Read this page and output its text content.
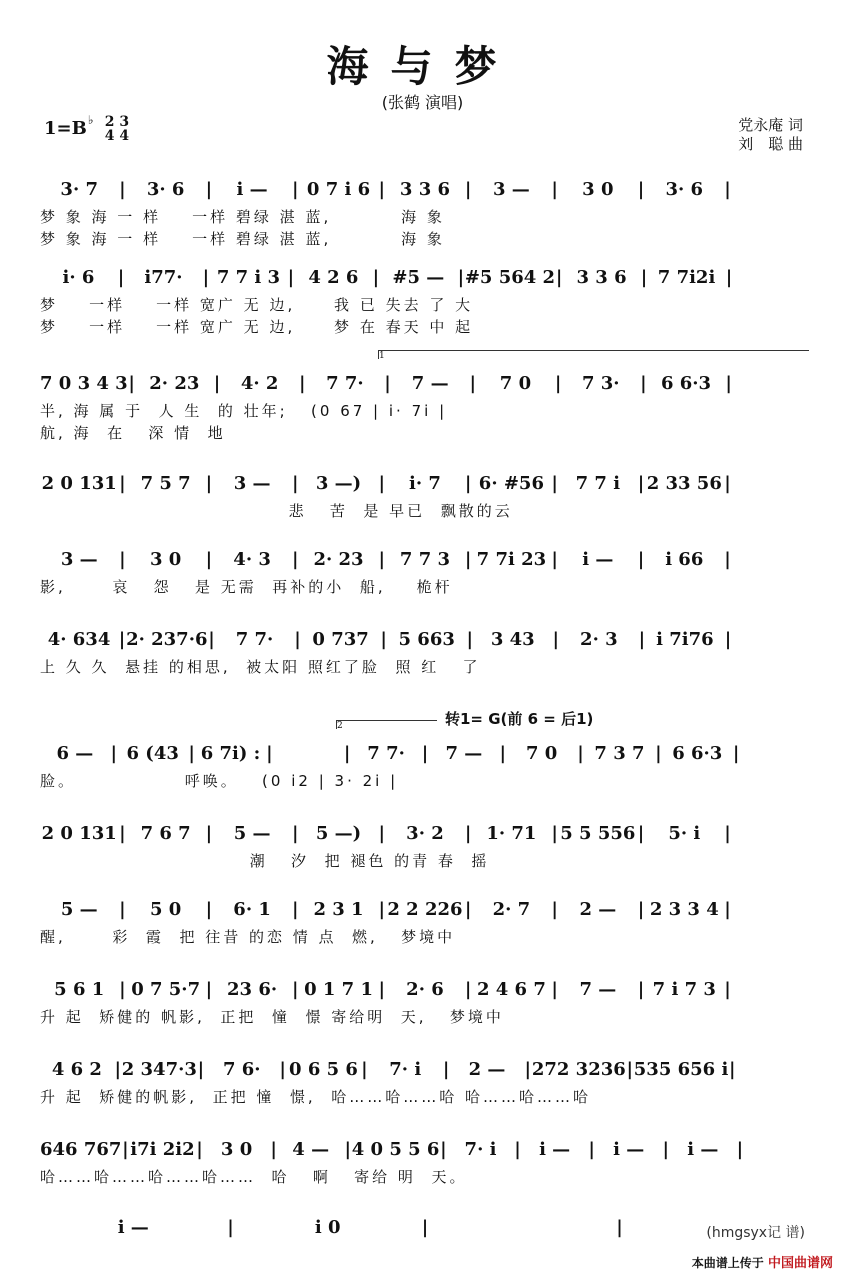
海与梦
(张鹤 演唱)
1=B♭ 2 3
4 4
党永庵 词
刘　聪 曲
3· 7	|	3· 6	|	i —	| 0 7 i 6 | 3 3 6 |	3 —	|	3 0	|	3· 6	|
梦 象 海 一 样    一样 碧绿 湛 蓝,         海 象
梦 象 海 一 样    一样 碧绿 湛 蓝,         海 象
i· 6	|	i77·	| 7 7 i 3 | 4 2 6 | #5 — | #5 564 2 | 3 3 6 | 7 7i2i |
梦    一样    一样 宽广 无 边,     我 已 失去 了 大
梦    一样    一样 宽广 无 边,     梦 在 春天 中 起
7 0 3 4 3 | 2· 23 |	4· 2	|	7 7·	|	7 —	|	7 0	|	7 3·	| 6 6·3 |
半, 海 属 于  人 生  的 壮年;   (0 67 | i· 7i |
航, 海  在   深 情  地
2 0 131 | 7 5 7 |	3 —	| 3 —) |	i· 7	| 6· #56 | 7 7 i | 2 33 56 |
悲   苦  是 早已  飘散的云
3 —	|	3 0	|	4· 3	| 2· 23 | 7 7 3 | 7 7i 23 |	i —	|	i 66	|
影,      哀   怨   是 无需  再补的小  船,    桅杆
4· 634 | 2· 237·6 |	7 7·	| 0 737 | 5 663 | 3 43 |	2· 3	| i 7i76 |
上 久 久  悬挂 的相思,  被太阳 照红了脸  照 红   了
6 — | 6 (43 | 6 7i) : |	| 7 7· | 7 — |	7 0	| 7 3 7 | 6 6·3 |
脸。              呼唤。   (0 i2 | 3· 2i |
2 0 131 | 7 6 7 |	5 —	| 5 —) |	3· 2	| 1· 71 | 5 5 556 |	5· i	|
潮   汐  把 褪色 的青 春  摇
5 —	|	5 0	|	6· 1	| 2 3 1 | 2 2 226 |	2· 7	|	2 —	| 2 3 3 4 |
醒,      彩  霞  把 往昔 的恋 情 点  燃,   梦境中
5 6 1 | 0 7 5·7 | 23 6· | 0 1 7 1 |	2· 6	| 2 4 6 7 |	7 —	| 7 i 7 3 |
升 起  矫健的 帆影,  正把  憧  憬 寄给明  天,   梦境中
4 6 2 | 2 347·3 |	7 6·	| 0 6 5 6 |	7· i	|	2 —	| 272 3236 | 535 656 i |
升 起  矫健的帆影,  正把 憧  憬,  哈……哈……哈 哈……哈……哈
646 767 | i7i 2i2 |	3 0	| 4 — | 4 0 5 5 6 | 7· i |	i —	|	i —	|	i —	|
哈……哈……哈……哈……  哈   啊   寄给 明  天。
i —	|	i 0	|	|
1
2	转1= G(前 6 = 后1)
(hmgsyx记 谱)
本曲谱上传于 中国曲谱网
